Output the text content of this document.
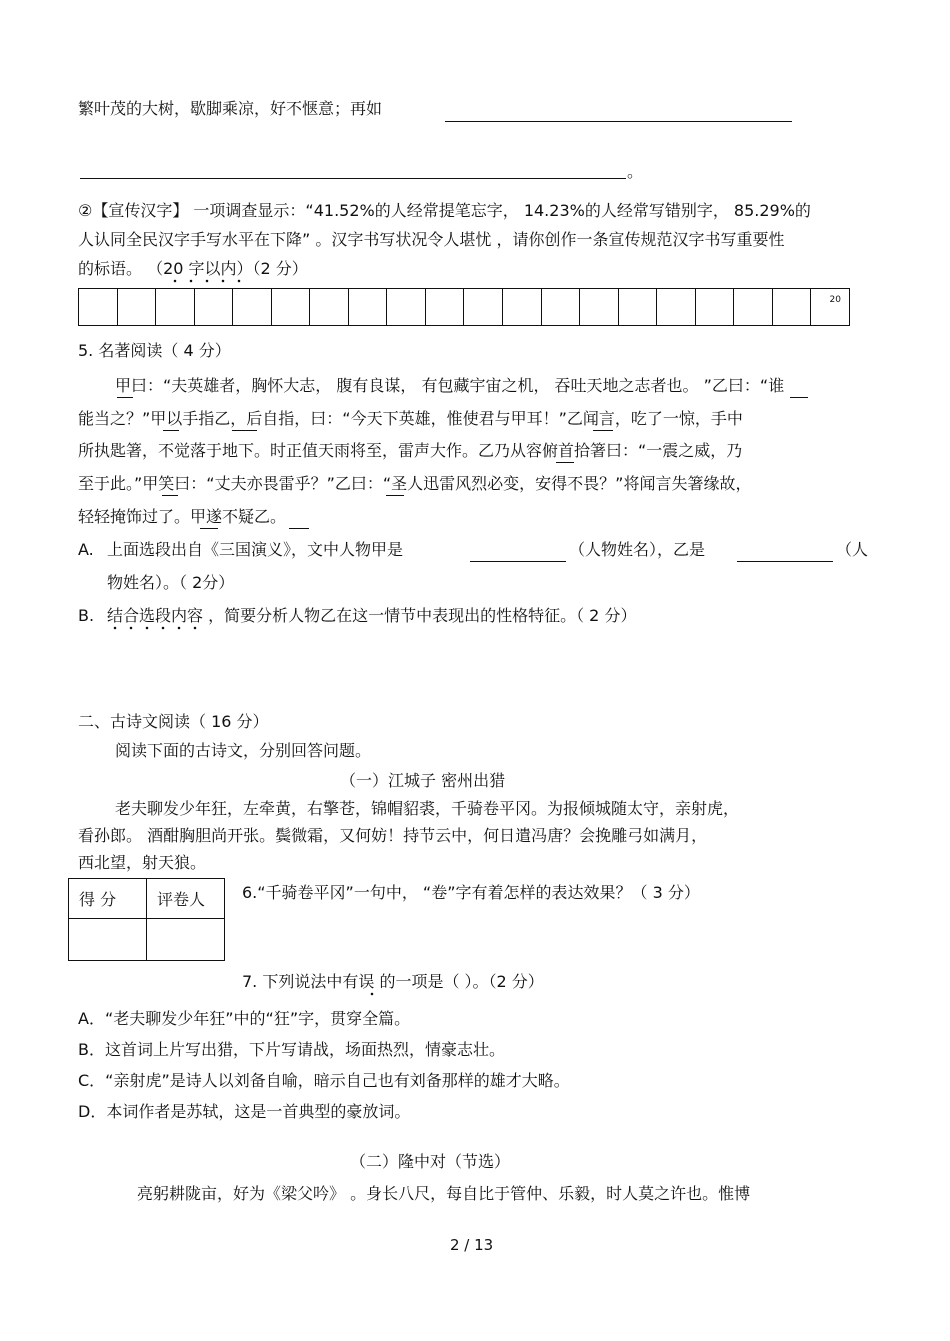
繁叶茂的大树，歇脚乘凉，好不惬意；再如
。
②【宣传汉字】 一项调查显示：“41.52%的人经常提笔忘字， 14.23%的人经常写错别字， 85.29%的
人认同全民汉字手写水平在下降” 。汉字书写状况令人堪忧 ，请你创作一条宣传规范汉字书写重要性
的标语。 （20 字以内）（2 分）
20
5. 名著阅读（ 4 分）
甲曰：“夫英雄者，胸怀大志， 腹有良谋， 有包藏宇宙之机， 吞吐天地之志者也。 ”乙曰：“谁
能当之？”甲以手指乙，后自指，曰：“今天下英雄，惟使君与甲耳！”乙闻言，吃了一惊，手中
所执匙箸，不觉落于地下。时正值天雨将至，雷声大作。乙乃从容俯首拾箸曰：“一震之威，乃
至于此。”甲笑曰：“丈夫亦畏雷乎？”乙曰：“圣人迅雷风烈必变，安得不畏？”将闻言失箸缘故，
轻轻掩饰过了。甲遂不疑乙。
A. 上面选段出自《三国演义》，文中人物甲是	（人物姓名），乙是	（人
物姓名）。（ 2分）
B. 结合选段内容 ，简要分析人物乙在这一情节中表现出的性格特征。（ 2 分）
二、古诗文阅读（ 16 分）
阅读下面的古诗文，分别回答问题。
（一）江城子 密州出猎
老夫聊发少年狂，左牵黄，右擎苍，锦帽貂裘，千骑卷平冈。为报倾城随太守，亲射虎，
看孙郎。 酒酣胸胆尚开张。鬓微霜，又何妨！持节云中，何日遣冯唐？会挽雕弓如满月，
西北望，射天狼。
得 分	评卷人	6.“千骑卷平冈”一句中， “卷”字有着怎样的表达效果？（ 3 分）
7. 下列说法中有误 的一项是（ ）。（2 分）
A．“老夫聊发少年狂”中的“狂”字，贯穿全篇。
B．这首词上片写出猎，下片写请战，场面热烈，情豪志壮。
C．“亲射虎”是诗人以刘备自喻，暗示自己也有刘备那样的雄才大略。
D．本词作者是苏轼，这是一首典型的豪放词。
（二）隆中对（节选）
亮躬耕陇亩，好为《梁父吟》 。身长八尺，每自比于管仲、乐毅，时人莫之许也。惟博
2 / 13
